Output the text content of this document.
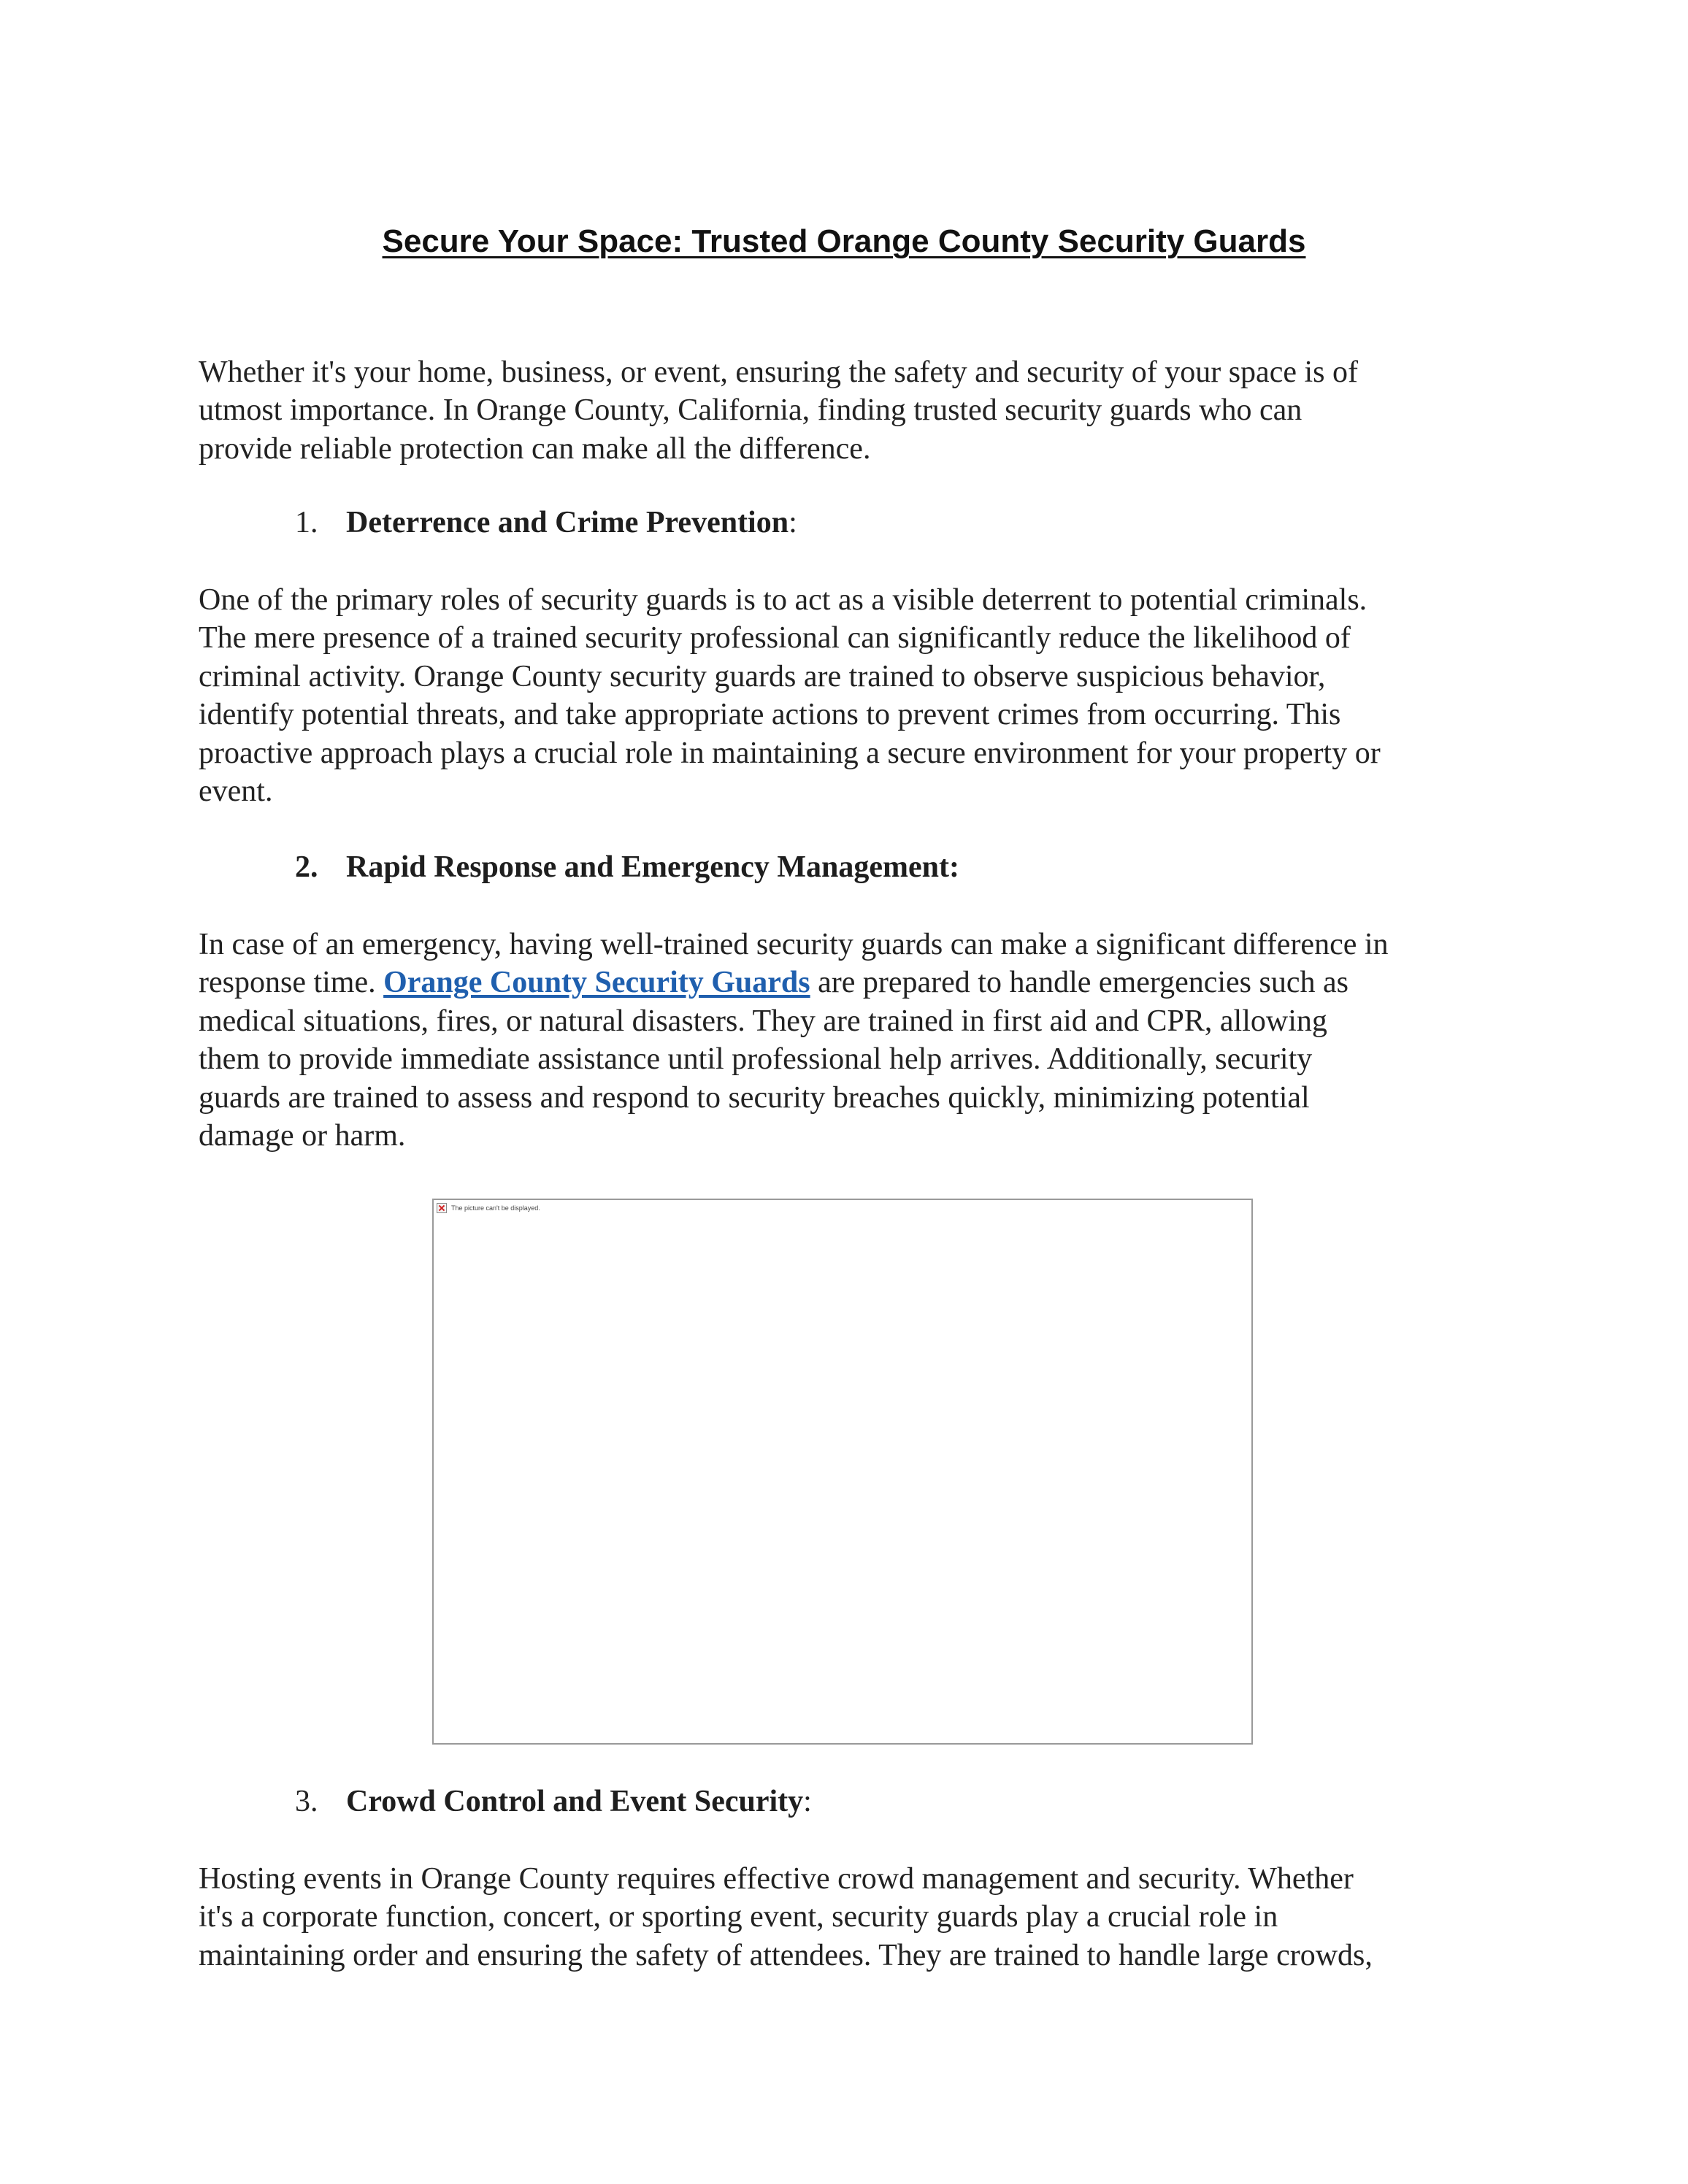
Secure Your Space: Trusted Orange County Security Guards

Whether it's your home, business, or event, ensuring the safety and security of your space is of
utmost importance. In Orange County, California, finding trusted security guards who can
provide reliable protection can make all the difference.

1. Deterrence and Crime Prevention:

One of the primary roles of security guards is to act as a visible deterrent to potential criminals.
The mere presence of a trained security professional can significantly reduce the likelihood of
criminal activity. Orange County security guards are trained to observe suspicious behavior,
identify potential threats, and take appropriate actions to prevent crimes from occurring. This
proactive approach plays a crucial role in maintaining a secure environment for your property or
event.

2. Rapid Response and Emergency Management:

In case of an emergency, having well-trained security guards can make a significant difference in
response time. Orange County Security Guards are prepared to handle emergencies such as
medical situations, fires, or natural disasters. They are trained in first aid and CPR, allowing
them to provide immediate assistance until professional help arrives. Additionally, security
guards are trained to assess and respond to security breaches quickly, minimizing potential
damage or harm.

The picture can't be displayed.

3. Crowd Control and Event Security:

Hosting events in Orange County requires effective crowd management and security. Whether
it's a corporate function, concert, or sporting event, security guards play a crucial role in
maintaining order and ensuring the safety of attendees. They are trained to handle large crowds,
